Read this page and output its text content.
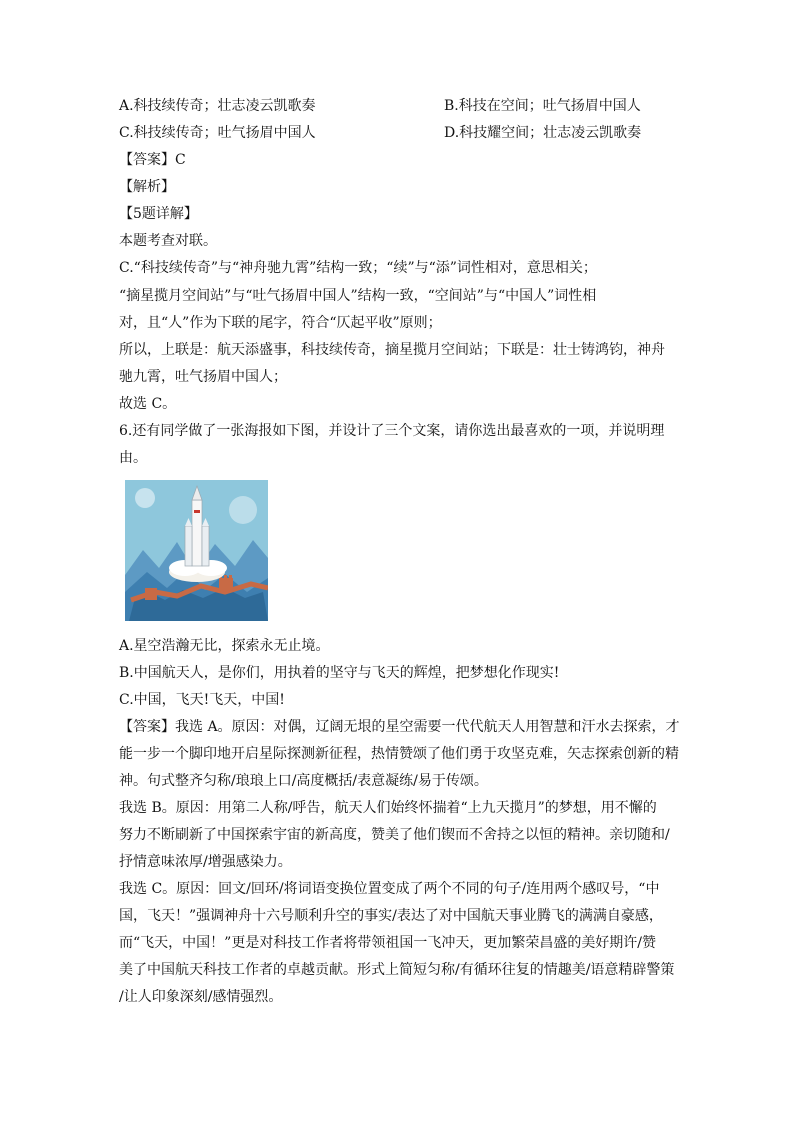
A.科技续传奇；壮志凌云凯歌奏	B.科技在空间；吐气扬眉中国人
C.科技续传奇；吐气扬眉中国人	D.科技耀空间；壮志凌云凯歌奏
【答案】C
【解析】
【5题详解】
本题考查对联。
C.“科技续传奇”与“神舟驰九霄”结构一致；“续”与“添”词性相对，意思相关；
“摘星揽月空间站”与“吐气扬眉中国人”结构一致，“空间站”与“中国人”词性相
对，且“人”作为下联的尾字，符合“仄起平收”原则；
所以，上联是：航天添盛事，科技续传奇，摘星揽月空间站；下联是：壮士铸鸿钧，神舟
驰九霄，吐气扬眉中国人；
故选 C。
6.还有同学做了一张海报如下图，并设计了三个文案，请你选出最喜欢的一项，并说明理
由。
A.星空浩瀚无比，探索永无止境。
B.中国航天人，是你们，用执着的坚守与飞天的辉煌，把梦想化作现实!
C.中国，飞天!飞天，中国!
【答案】我选 A。原因：对偶，辽阔无垠的星空需要一代代航天人用智慧和汗水去探索，才
能一步一个脚印地开启星际探测新征程，热情赞颂了他们勇于攻坚克难，矢志探索创新的精
神。句式整齐匀称/琅琅上口/高度概括/表意凝练/易于传颂。
我选 B。原因：用第二人称/呼告，航天人们始终怀揣着“上九天揽月”的梦想，用不懈的
努力不断刷新了中国探索宇宙的新高度，赞美了他们锲而不舍持之以恒的精神。亲切随和/
抒情意味浓厚/增强感染力。
我选 C。原因：回文/回环/将词语变换位置变成了两个不同的句子/连用两个感叹号，“中
国，飞天！”强调神舟十六号顺利升空的事实/表达了对中国航天事业腾飞的满满自豪感，
而“飞天，中国！”更是对科技工作者将带领祖国一飞冲天，更加繁荣昌盛的美好期许/赞
美了中国航天科技工作者的卓越贡献。形式上简短匀称/有循环往复的情趣美/语意精辟警策
/让人印象深刻/感情强烈。
